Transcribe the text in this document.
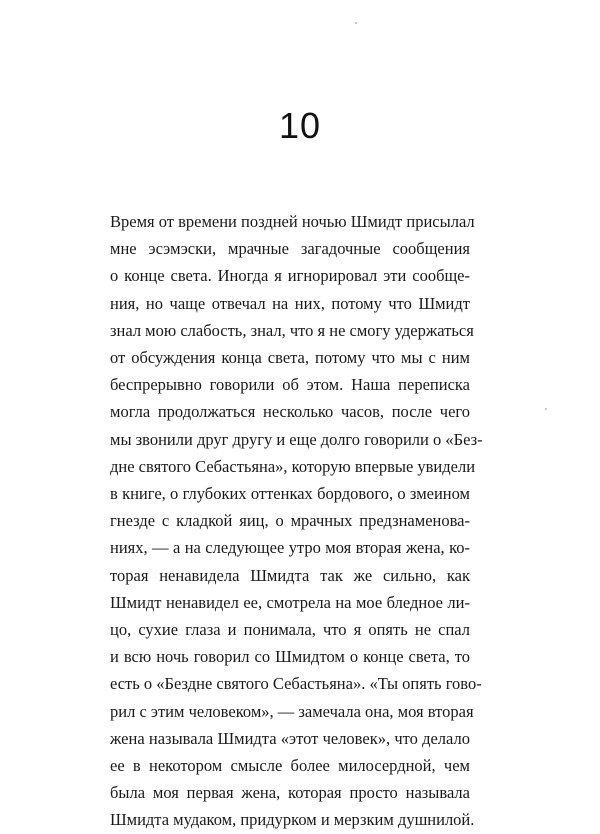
10
Время от времени поздней ночью Шмидт присылал
мне эсэмэски, мрачные загадочные сообщения
о конце света. Иногда я игнорировал эти сообще-
ния, но чаще отвечал на них, потому что Шмидт
знал мою слабость, знал, что я не смогу удержаться
от обсуждения конца света, потому что мы с ним
беспрерывно говорили об этом. Наша переписка
могла продолжаться несколько часов, после чего
мы звонили друг другу и еще долго говорили о «Без-
дне святого Себастьяна», которую впервые увидели
в книге, о глубоких оттенках бордового, о змеином
гнезде с кладкой яиц, о мрачных предзнаменова-
ниях, — а на следующее утро моя вторая жена, ко-
торая ненавидела Шмидта так же сильно, как
Шмидт ненавидел ее, смотрела на мое бледное ли-
цо, сухие глаза и понимала, что я опять не спал
и всю ночь говорил со Шмидтом о конце света, то
есть о «Бездне святого Себастьяна». «Ты опять гово-
рил с этим человеком», — замечала она, моя вторая
жена называла Шмидта «этот человек», что делало
ее в некотором смысле более милосердной, чем
была моя первая жена, которая просто называла
Шмидта мудаком, придурком и мерзким душнилой.
